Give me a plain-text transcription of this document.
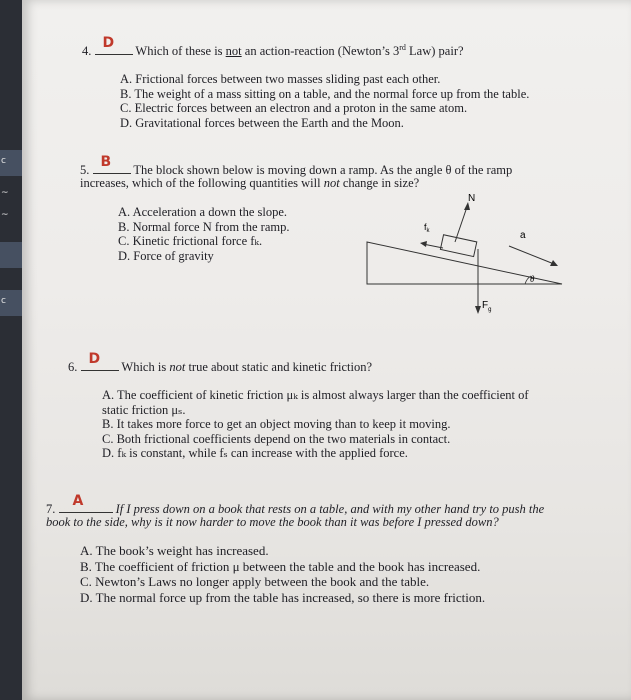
c
~
~
c
4. D Which of these is not an action-reaction (Newton’s 3rd Law) pair?
A. Frictional forces between two masses sliding past each other.
B. The weight of a mass sitting on a table, and the normal force up from the table.
C. Electric forces between an electron and a proton in the same atom.
D. Gravitational forces between the Earth and the Moon.
5. B The block shown below is moving down a ramp. As the angle θ of the ramp
increases, which of the following quantities will not change in size?
A. Acceleration a down the slope.
B. Normal force N from the ramp.
C. Kinetic frictional force fₖ.
D. Force of gravity
N
$f_k$	a
θ
$F_g$
6. D Which is not true about static and kinetic friction?
A. The coefficient of kinetic friction μₖ is almost always larger than the coefficient of
static friction μₛ.
B. It takes more force to get an object moving than to keep it moving.
C. Both frictional coefficients depend on the two materials in contact.
D. fₖ is constant, while fₛ can increase with the applied force.
7. A	If I press down on a book that rests on a table, and with my other hand try to push the
book to the side, why is it now harder to move the book than it was before I pressed down?
A. The book’s weight has increased.
B. The coefficient of friction μ between the table and the book has increased.
C. Newton’s Laws no longer apply between the book and the table.
D. The normal force up from the table has increased, so there is more friction.
